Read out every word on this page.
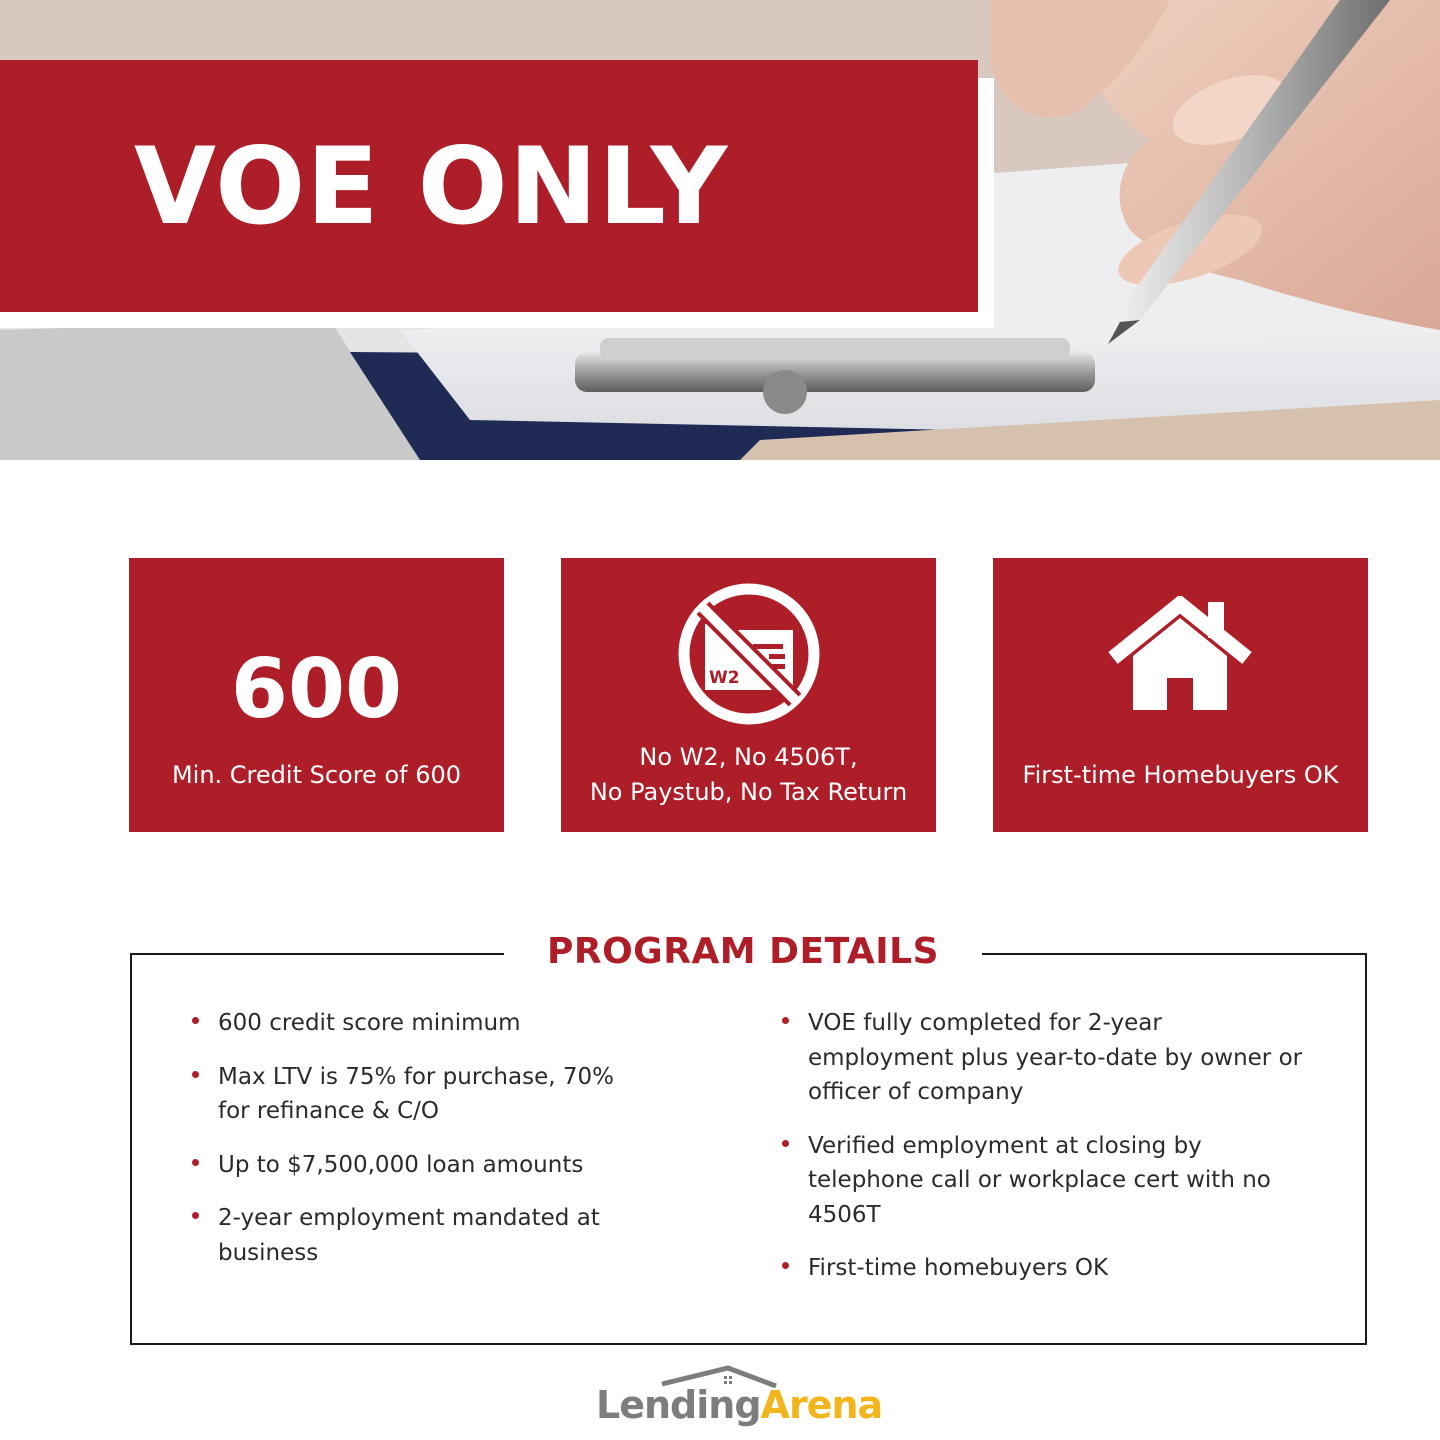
VOE ONLY
600
Min. Credit Score of 600
W2
No W2, No 4506T,
No Paystub, No Tax Return
First-time Homebuyers OK
PROGRAM DETAILS
600 credit score minimum
Max LTV is 75% for purchase, 70% for refinance & C/O
Up to $7,500,000 loan amounts
2-year employment mandated at business
VOE fully completed for 2-year employment plus year-to-date by owner or officer of company
Verified employment at closing by telephone call or workplace cert with no 4506T
First-time homebuyers OK
LendingArena
